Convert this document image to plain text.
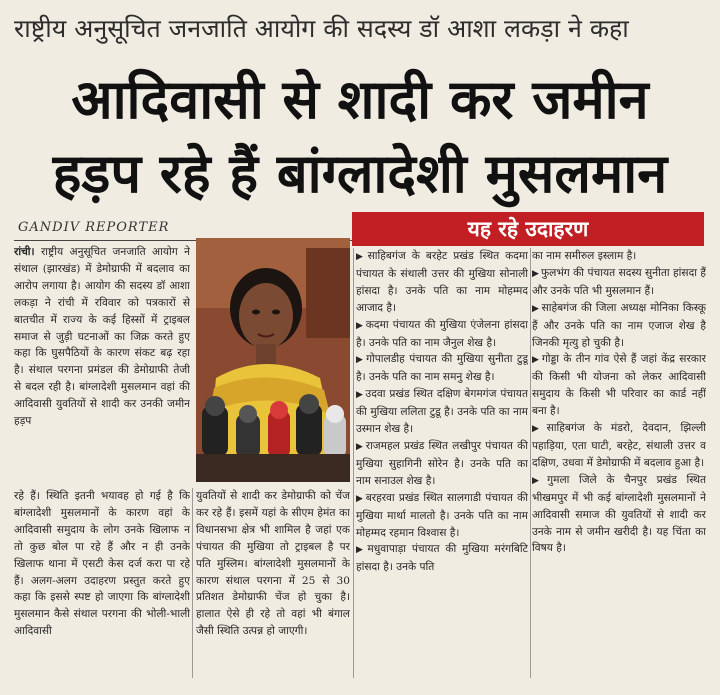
राष्ट्रीय अनुसूचित जनजाति आयोग की सदस्य डॉ आशा लकड़ा ने कहा
आदिवासी से शादी कर जमीन
हड़प रहे हैं बांग्लादेशी मुसलमान
GANDIV REPORTER	यह रहे उदाहरण
रांची। राष्ट्रीय अनुसूचित जनजाति आयोग ने संथाल (झारखंड) में डेमोग्राफी में बदलाव का आरोप लगाया है। आयोग की सदस्य डॉ आशा लकड़ा ने रांची में रविवार को पत्रकारों से बातचीत में राज्य के कई हिस्सों में ट्राइबल समाज से जुड़ी घटनाओं का जिक्र करते हुए कहा कि घुसपैठियों के कारण संकट बढ़ रहा है। संथाल परगना प्रमंडल की डेमोग्राफी तेजी से बदल रही है। बांग्लादेशी मुसलमान वहां की आदिवासी युवतियों से शादी कर उनकी जमीन हड़प
रहे हैं। स्थिति इतनी भयावह हो गई है कि बांग्लादेशी मुसलमानों के कारण वहां के आदिवासी समुदाय के लोग उनके खिलाफ न तो कुछ बोल पा रहे हैं और न ही उनके खिलाफ थाना में एसटी केस दर्ज करा पा रहे हैं। अलग-अलग उदाहरण प्रस्तुत करते हुए कहा कि इससे स्पष्ट हो जाएगा कि बांग्लादेशी मुसलमान कैसे संथाल परगना की भोली-भाली आदिवासी
युवतियों से शादी कर डेमोग्राफी को चेंज कर रहे हैं। इसमें यहां के सीएम हेमंत का विधानसभा क्षेत्र भी शामिल है जहां एक पंचायत की मुखिया तो ट्राइबल है पर पति मुस्लिम। बांग्लादेशी मुसलमानों के कारण संथाल परगना में 25 से 30 प्रतिशत डेमोग्राफी चेंज हो चुका है। हालात ऐसे ही रहे तो वहां भी बंगाल जैसी स्थिति उत्पन्न हो जाएगी।

▶ साहिबगंज के बरहेट प्रखंड स्थित कदमा पंचायत के संथाली उत्तर की मुखिया सोनाली हांसदा है। उनके पति का नाम मोहम्मद आजाद है।

▶ कदमा पंचायत की मुखिया एंजेलना हांसदा है। उनके पति का नाम जैनुल शेख है।

▶ गोपालडीह पंचायत की मुखिया सुनीता टुडू है। उनके पति का नाम समनु शेख है।

▶ उदवा प्रखंड स्थित दक्षिण बेगमगंज पंचायत की मुखिया ललिता टुडू है। उनके पति का नाम उस्मान शेख है।

▶ राजमहल प्रखंड स्थित लखीपुर पंचायत की मुखिया सुहागिनी सोरेन है। उनके पति का नाम सनाउल शेख है।

▶ बरहरवा प्रखंड स्थित सालगाडी पंचायत की मुखिया मार्था मालतो है। उनके पति का नाम मोहम्मद रहमान विश्वास है।

▶ मधुवापाड़ा पंचायत की मुखिया मरंगबिटि हांसदा है। उनके पति

का नाम समीरुल इस्लाम है।

▶ फुलभंग की पंचायत सदस्य सुनीता हांसदा हैं और उनके पति भी मुसलमान हैं।

▶ साहेबगंज की जिला अध्यक्ष मोनिका किस्कू हैं और उनके पति का नाम एजाज शेख है जिनकी मृत्यु हो चुकी है।

▶ गोड्डा के तीन गांव ऐसे हैं जहां केंद्र सरकार की किसी भी योजना को लेकर आदिवासी समुदाय के किसी भी परिवार का कार्ड नहीं बना है।

▶ साहिबगंज के मंडरो, देवदान, झिल्ली पहाड़िया, एता घाटी, बरहेट, संथाली उत्तर व दक्षिण, उधवा में डेमोग्राफी में बदलाव हुआ है।

▶ गुमला जिले के चैनपुर प्रखंड स्थित भीखमपुर में भी कई बांग्लादेशी मुसलमानों ने आदिवासी समाज की युवतियों से शादी कर उनके नाम से जमीन खरीदी है। यह चिंता का विषय है।
